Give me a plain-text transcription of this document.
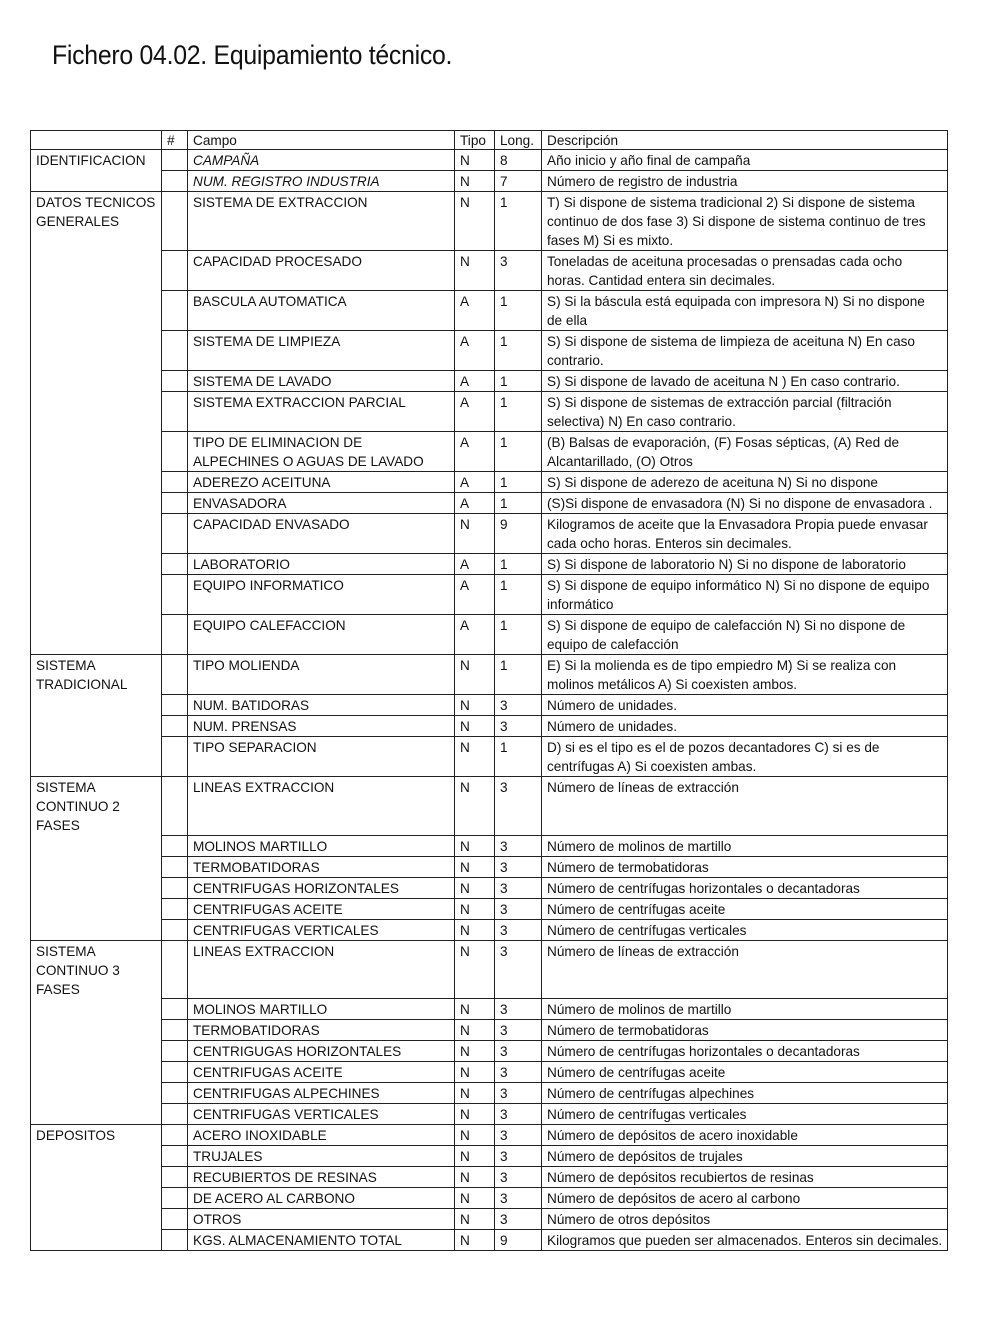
Fichero 04.02. Equipamiento técnico.
	#	Campo	Tipo	Long.	Descripción
IDENTIFICACION		CAMPAÑA	N	8	Año inicio y año final de campaña
		NUM. REGISTRO INDUSTRIA	N	7	Número de registro de industria
DATOS TECNICOS GENERALES		SISTEMA DE EXTRACCION	N	1	T) Si dispone de sistema tradicional 2) Si dispone de sistema continuo de dos fase 3) Si dispone de sistema continuo de tres fases M) Si es mixto.
		CAPACIDAD PROCESADO	N	3	Toneladas de aceituna procesadas o prensadas cada ocho horas. Cantidad entera sin decimales.
		BASCULA AUTOMATICA	A	1	S) Si la báscula está equipada con impresora N) Si no dispone de ella
		SISTEMA DE LIMPIEZA	A	1	S) Si dispone de sistema de limpieza de aceituna N) En caso contrario.
		SISTEMA DE LAVADO	A	1	S) Si dispone de lavado de aceituna N ) En caso contrario.
		SISTEMA EXTRACCION PARCIAL	A	1	S) Si dispone de sistemas de extracción parcial (filtración selectiva) N) En caso contrario.
		TIPO DE ELIMINACION DE ALPECHINES O AGUAS DE LAVADO	A	1	(B) Balsas de evaporación, (F) Fosas sépticas, (A) Red de Alcantarillado, (O) Otros
		ADEREZO ACEITUNA	A	1	S) Si dispone de aderezo de aceituna N) Si no dispone
		ENVASADORA	A	1	(S)Si dispone de envasadora (N) Si no dispone de envasadora .
		CAPACIDAD ENVASADO	N	9	Kilogramos de aceite que la Envasadora Propia puede envasar cada ocho horas. Enteros sin decimales.
		LABORATORIO	A	1	S) Si dispone de laboratorio N) Si no dispone de laboratorio
		EQUIPO INFORMATICO	A	1	S) Si dispone de equipo informático N) Si no dispone de equipo informático
		EQUIPO CALEFACCION	A	1	S) Si dispone de equipo de calefacción N) Si no dispone de equipo de calefacción
SISTEMA TRADICIONAL		TIPO MOLIENDA	N	1	E) Si la molienda es de tipo empiedro M) Si se realiza con molinos metálicos A) Si coexisten ambos.
		NUM. BATIDORAS	N	3	Número de unidades.
		NUM. PRENSAS	N	3	Número de unidades.
		TIPO SEPARACION	N	1	D) si es el tipo es el de pozos decantadores C) si es de centrífugas A) Si coexisten ambas.
SISTEMA CONTINUO 2 FASES		LINEAS EXTRACCION	N	3	Número de líneas de extracción
		MOLINOS MARTILLO	N	3	Número de molinos de martillo
		TERMOBATIDORAS	N	3	Número de termobatidoras
		CENTRIFUGAS HORIZONTALES	N	3	Número de centrífugas horizontales o decantadoras
		CENTRIFUGAS ACEITE	N	3	Número de centrífugas aceite
		CENTRIFUGAS VERTICALES	N	3	Número de centrífugas verticales
SISTEMA CONTINUO 3 FASES		LINEAS EXTRACCION	N	3	Número de líneas de extracción
		MOLINOS MARTILLO	N	3	Número de molinos de martillo
		TERMOBATIDORAS	N	3	Número de termobatidoras
		CENTRIGUGAS HORIZONTALES	N	3	Número de centrífugas horizontales o decantadoras
		CENTRIFUGAS ACEITE	N	3	Número de centrífugas aceite
		CENTRIFUGAS ALPECHINES	N	3	Número de centrífugas alpechines
		CENTRIFUGAS VERTICALES	N	3	Número de centrífugas verticales
DEPOSITOS		ACERO INOXIDABLE	N	3	Número de depósitos de acero inoxidable
		TRUJALES	N	3	Número de depósitos de trujales
		RECUBIERTOS DE RESINAS	N	3	Número de depósitos recubiertos de resinas
		DE ACERO AL CARBONO	N	3	Número de depósitos de acero al carbono
		OTROS	N	3	Número de otros depósitos
		KGS. ALMACENAMIENTO TOTAL	N	9	Kilogramos que pueden ser almacenados. Enteros sin decimales.
